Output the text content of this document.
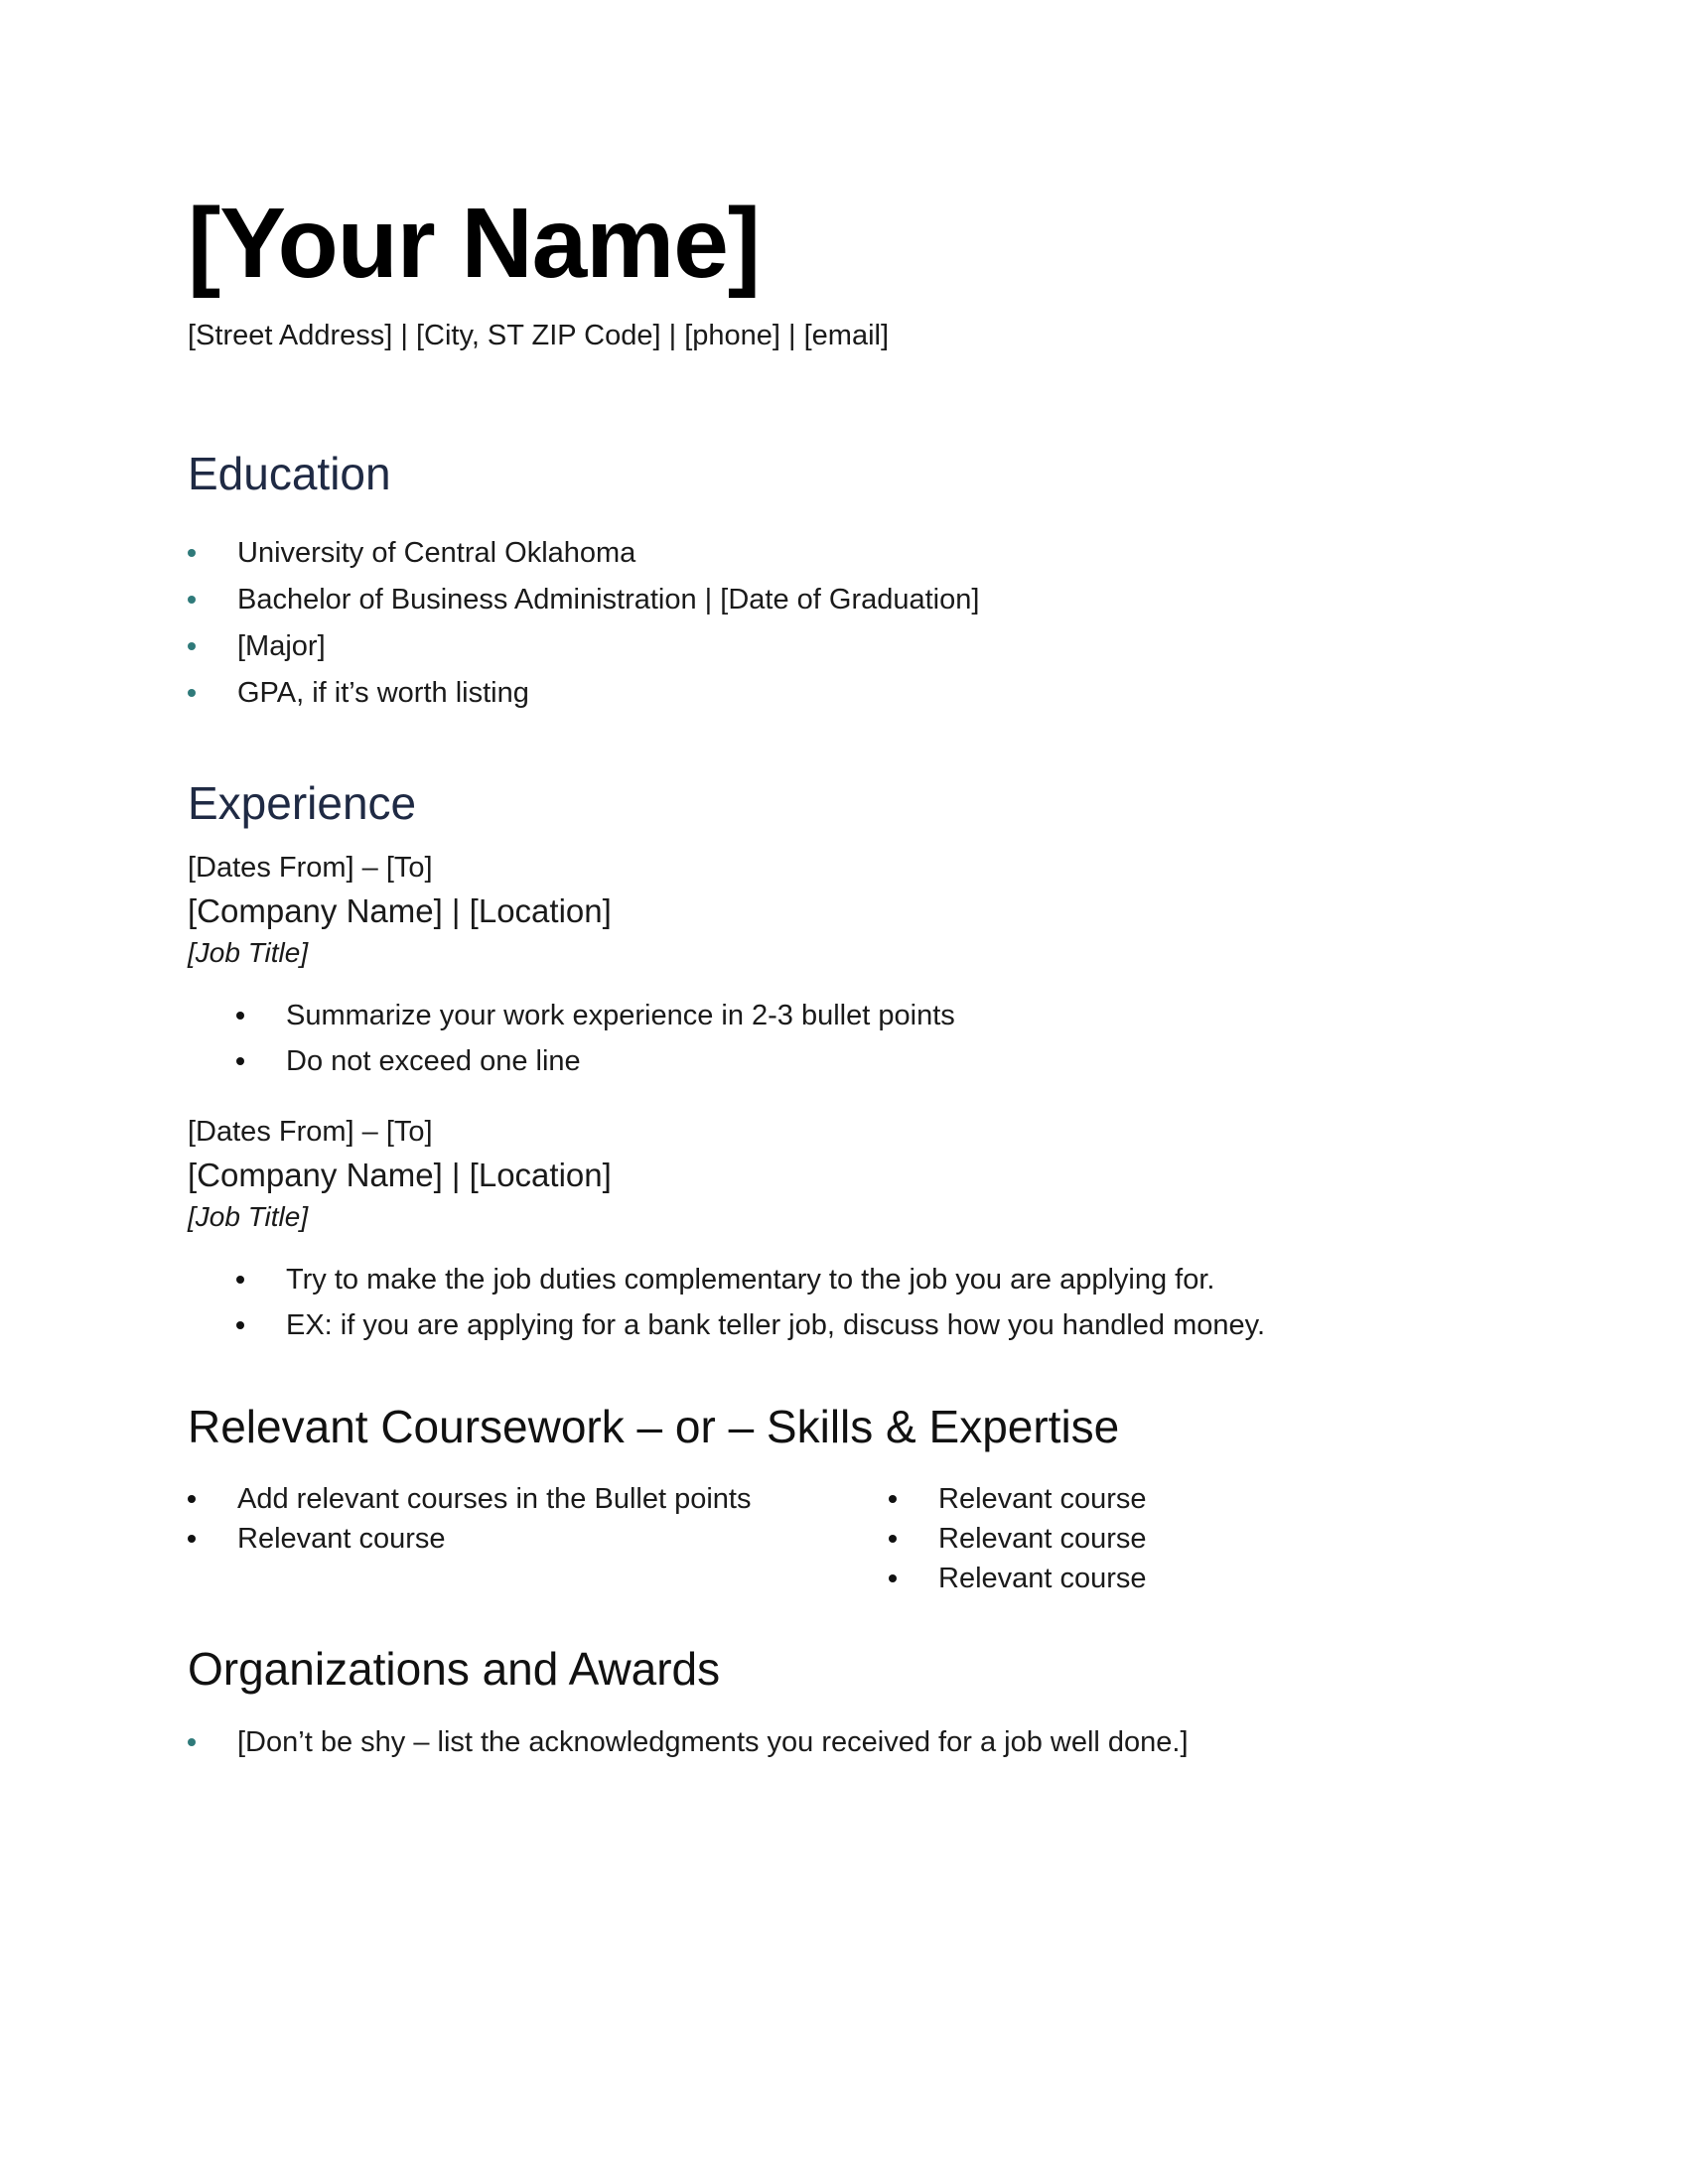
[Your Name]
[Street Address] | [City, ST ZIP Code] | [phone] | [email]
Education
University of Central Oklahoma
Bachelor of Business Administration | [Date of Graduation]
[Major]
GPA, if it’s worth listing
Experience
[Dates From] – [To]
[Company Name] | [Location]
[Job Title]
Summarize your work experience in 2-3 bullet points
Do not exceed one line
[Dates From] – [To]
[Company Name] | [Location]
[Job Title]
Try to make the job duties complementary to the job you are applying for.
EX: if you are applying for a bank teller job, discuss how you handled money.
Relevant Coursework – or – Skills & Expertise
Add relevant courses in the Bullet points
Relevant course
Relevant course
Relevant course
Relevant course
Organizations and Awards
[Don’t be shy – list the acknowledgments you received for a job well done.]
